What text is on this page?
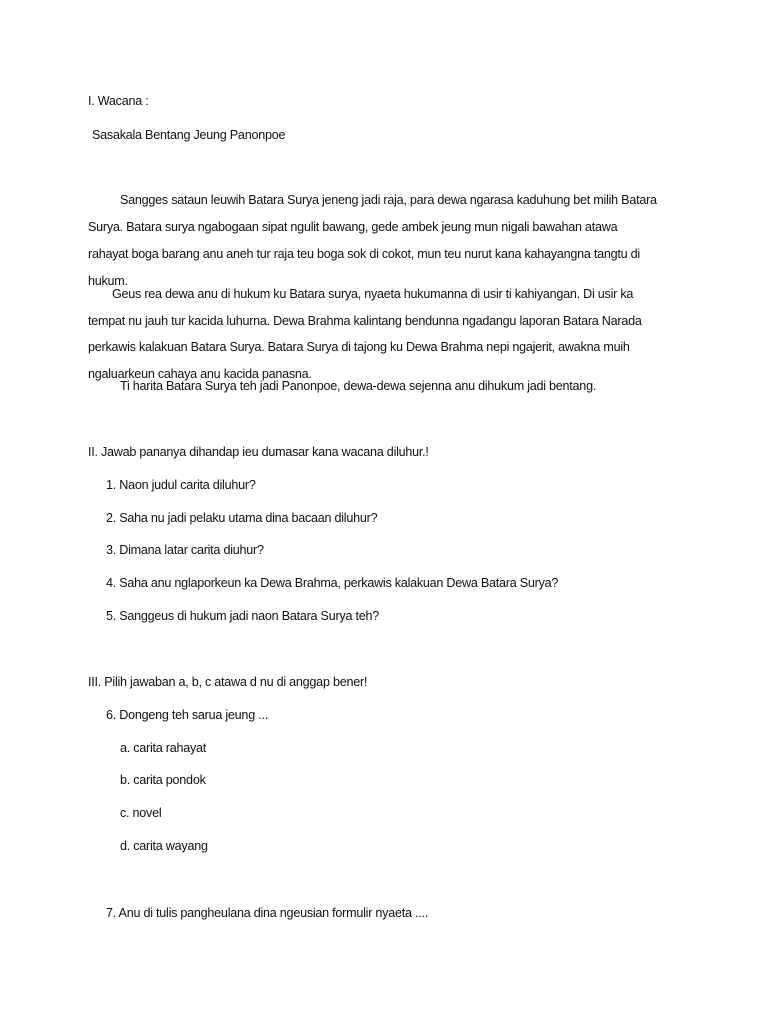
I. Wacana :
Sasakala Bentang Jeung Panonpoe
Sangges sataun leuwih Batara Surya jeneng jadi raja, para dewa ngarasa kaduhung bet milih Batara
Surya. Batara surya ngabogaan sipat ngulit bawang, gede ambek jeung mun nigali bawahan atawa
rahayat boga barang anu aneh tur raja teu boga sok di cokot, mun teu nurut kana kahayangna tangtu di
hukum.
Geus rea dewa anu di hukum ku Batara surya, nyaeta hukumanna di usir ti kahiyangan. Di usir ka
tempat nu jauh tur kacida luhurna. Dewa Brahma kalintang bendunna ngadangu laporan Batara Narada
perkawis kalakuan Batara Surya. Batara Surya di tajong ku Dewa Brahma nepi ngajerit, awakna muih
ngaluarkeun cahaya anu kacida panasna.
Ti harita Batara Surya teh jadi Panonpoe, dewa-dewa sejenna anu dihukum jadi bentang.
II. Jawab pananya dihandap ieu dumasar kana wacana diluhur.!
1. Naon judul carita diluhur?
2. Saha nu jadi pelaku utama dina bacaan diluhur?
3. Dimana latar carita diuhur?
4. Saha anu nglaporkeun ka Dewa Brahma, perkawis kalakuan Dewa Batara Surya?
5. Sanggeus di hukum jadi naon Batara Surya teh?
III. Pilih jawaban a, b, c atawa d nu di anggap bener!
6. Dongeng teh sarua jeung ...
a. carita rahayat
b. carita pondok
c. novel
d. carita wayang
7. Anu di tulis pangheulana dina ngeusian formulir nyaeta ....
